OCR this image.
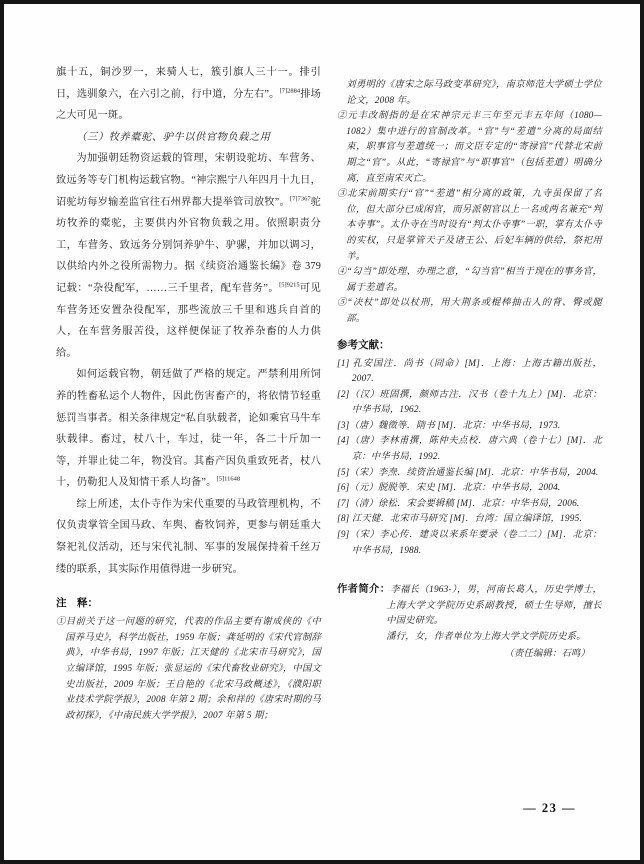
旗十五，铜沙罗一，来骑人七，簇引旗人三十一。排引日，选驯象六，在六引之前，行中道，分左右”。$^{[7]2884}$排场之大可见一斑。

（三）牧养橐驼、驴牛以供官物负载之用

为加强朝廷物资运载的管理，宋朝设驼坊、车营务、致远务等专门机构运载官物。“神宗熙宁八年四月十九日，诏驼坊每岁输差监官往石州界都大提举管司放牧”。$^{[7]7367}$驼坊牧养的橐驼，主要供内外官物负载之用。依照职责分工，车营务、致远务分别饲养驴牛、驴骡，并加以调习，以供给内外之役所需物力。据《续资治通鉴长编》卷 379 记载：“杂役配军，……三千里者，配车营务”。$^{[5]9215}$可见车营务还安置杂役配军，那些流放三千里和逃兵自首的人，在车营务服苦役，这样便保证了牧养杂畜的人力供给。

如何运载官物，朝廷做了严格的规定。严禁利用所饲养的牲畜私运个人物件，因此伤害畜产的，将依情节轻重惩罚当事者。相关条律规定“私自驮载者，论如乘官马牛车驮载律。畜过，杖八十，车过，徒一年，各二十斤加一等，并罪止徒二年，物没官。其畜产因负重致死者，杖八十，仍勒犯人及知情干系人均备”。$^{[5]11648}$

综上所述，太仆寺作为宋代重要的马政管理机构，不仅负责掌管全国马政、车舆、畜牧饲养，更参与朝廷重大祭祀礼仪活动，还与宋代礼制、军事的发展保持着千丝万缕的联系，其实际作用值得进一步研究。

注　释：

①目前关于这一问题的研究，代表的作品主要有谢成侠的《中国养马史》，科学出版社，1959 年版；龚延明的《宋代官制辞典》，中华书局，1997 年版；江天健的《北宋市马研究》，国立编译馆，1995 年版；张显运的《宋代畜牧业研究》，中国文史出版社，2009 年版；王自艳的《北宋马政概述》，《濮阳职业技术学院学报》，2008 年第 2 期；余和祥的《唐宋时期的马政初探》，《中南民族大学学报》，2007 年第 5 期；

刘勇明的《唐宋之际马政变革研究》，南京师范大学硕士学位论文，2008 年。

②元丰改制指的是在宋神宗元丰三年至元丰五年间（1080—1082）集中进行的官制改革。“官”与“差遣”分离的局面结束，职事官与差遣统一；而文臣专定的“寄禄官”代替北宋前期之“官”。从此，“寄禄官”与“职事官”（包括差遣）明确分离，直至南宋灭亡。

③北宋前期实行“官”“差遣”相分离的政策，九寺虽保留了名位，但大部分已成闲官，而另派朝官以上一名或两名兼充“判本寺事”。太仆寺在当时设有“判太仆寺事”一职，掌有太仆寺的实权，只是掌管天子及诸王公、后妃车辆的供给，祭祀用羊。

④“勾当”即处理、办理之意，“勾当官”相当于现在的事务官，属于差遣名。

⑤“决杖”即处以杖刑，用大荆条或棍棒抽击人的背、臀或腿部。

参考文献：

[1] 孔安国注．尚书（冏命）[M]．上海：上海古籍出版社，2007.

[2]（汉）班固撰，颜师古注．汉书（卷十九上）[M]．北京：中华书局，1962.

[3]（唐）魏徵等．隋书 [M]．北京：中华书局，1973.

[4]（唐）李林甫撰，陈仲夫点校．唐六典（卷十七）[M]．北京：中华书局，1992.

[5]（宋）李焘．续资治通鉴长编 [M]．北京：中华书局，2004.

[6]（元）脱脱等．宋史 [M]．北京：中华书局，2004.

[7]（清）徐松．宋会要辑稿 [M]．北京：中华书局，2006.

[8] 江天健．北宋市马研究 [M]．台湾：国立编译馆，1995.

[9]（宋）李心传．建炎以来系年要录（卷二二）[M]．北京：中华书局，1988.

作者简介：李福长（1963-），男，河南长葛人，历史学博士，上海大学文学院历史系副教授，硕士生导师，擅长中国史研究。

潘行，女，作者单位为上海大学文学院历史系。

（责任编辑：石鸣）

— 23 —
